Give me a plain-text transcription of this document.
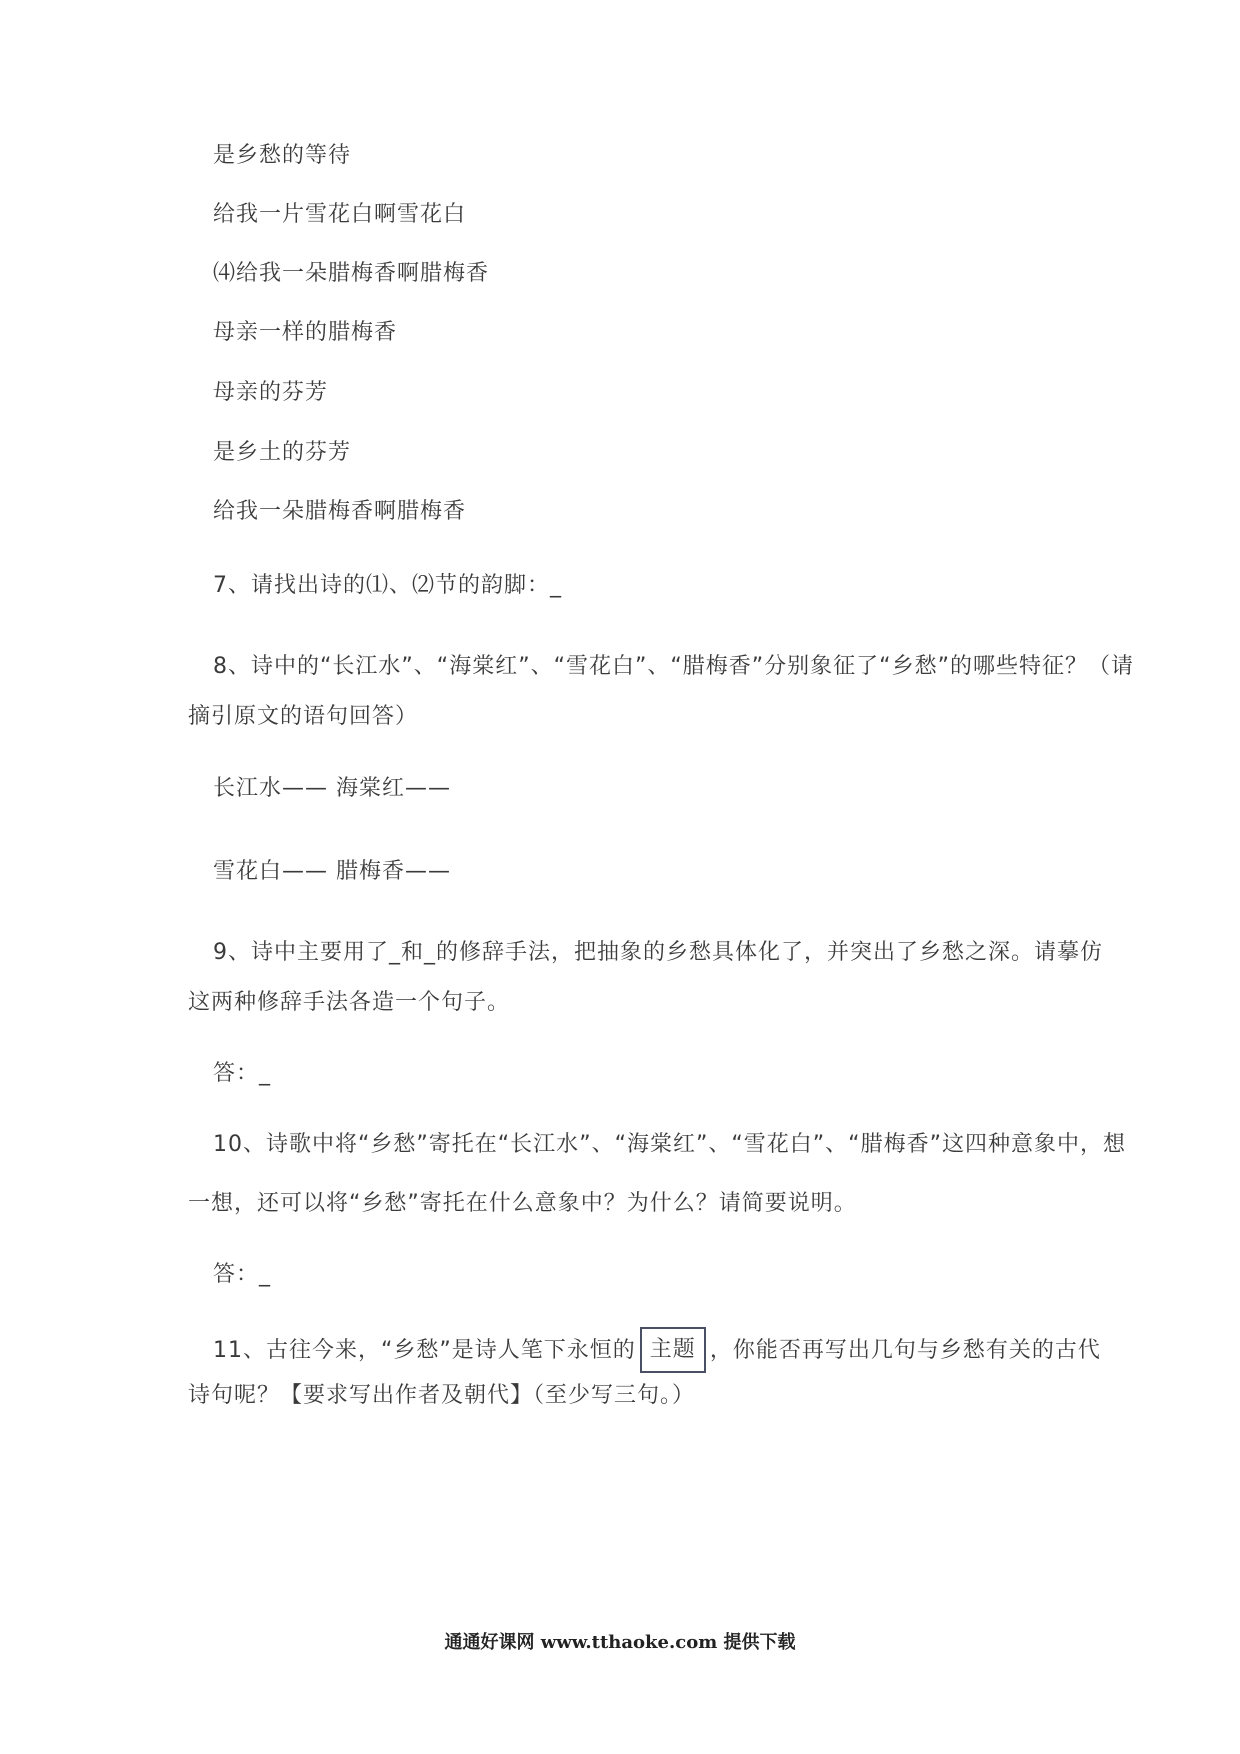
是乡愁的等待
给我一片雪花白啊雪花白
⑷给我一朵腊梅香啊腊梅香
母亲一样的腊梅香
母亲的芬芳
是乡土的芬芳
给我一朵腊梅香啊腊梅香
7、请找出诗的⑴、⑵节的韵脚：_
8、诗中的“长江水”、“海棠红”、“雪花白”、“腊梅香”分别象征了“乡愁”的哪些特征？（请
摘引原文的语句回答）
长江水—— 海棠红——
雪花白—— 腊梅香——
9、诗中主要用了_和_的修辞手法，把抽象的乡愁具体化了，并突出了乡愁之深。请摹仿
这两种修辞手法各造一个句子。
答：_
10、诗歌中将“乡愁”寄托在“长江水”、“海棠红”、“雪花白”、“腊梅香”这四种意象中，想
一想，还可以将“乡愁”寄托在什么意象中？为什么？请简要说明。
答：_
11、古往今来，“乡愁”是诗人笔下永恒的 主题 ，你能否再写出几句与乡愁有关的古代
诗句呢？【要求写出作者及朝代】（至少写三句。）
通通好课网 www.tthaoke.com 提供下载
